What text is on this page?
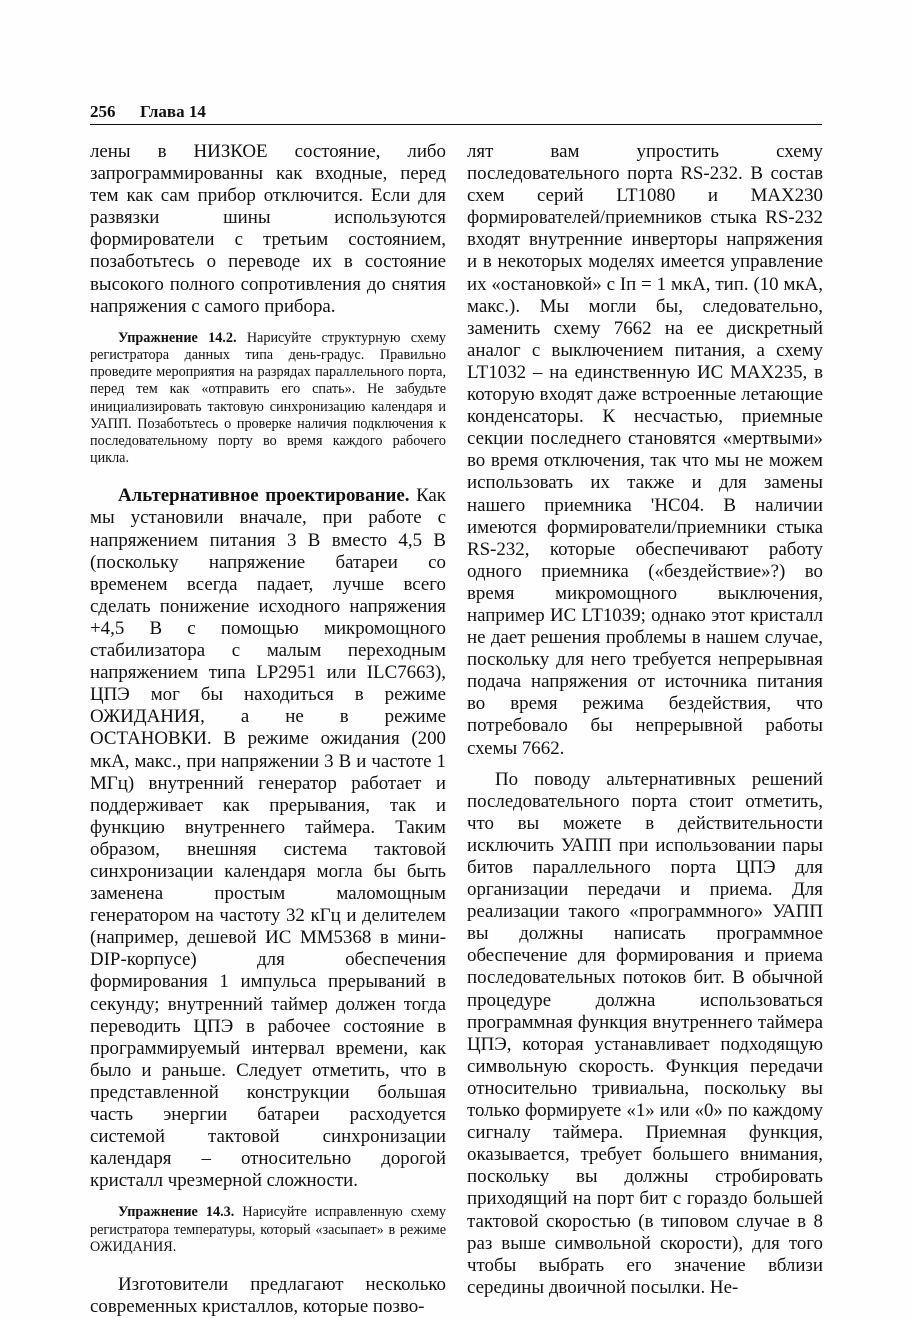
256 Глава 14

лены в НИЗКОЕ состояние, либо запрограммированны как входные, перед тем как сам прибор отключится. Если для развязки шины используются формирователи с третьим состоянием, позаботьтесь о переводе их в состояние высокого полного сопротивления до снятия напряжения с самого прибора.

Упражнение 14.2. Нарисуйте структурную схему регистратора данных типа день-градус. Правильно проведите мероприятия на разрядах параллельного порта, перед тем как «отправить его спать». Не забудьте инициализировать тактовую синхронизацию календаря и УАПП. Позаботьтесь о проверке наличия подключения к последовательному порту во время каждого рабочего цикла.

Альтернативное проектирование. Как мы установили вначале, при работе с напряжением питания 3 В вместо 4,5 В (поскольку напряжение батареи со временем всегда падает, лучше всего сделать понижение исходного напряжения +4,5 В с помощью микромощного стабилизатора с малым переходным напряжением типа LP2951 или ILC7663), ЦПЭ мог бы находиться в режиме ОЖИДАНИЯ, а не в режиме ОСТАНОВКИ. В режиме ожидания (200 мкА, макс., при напряжении 3 В и частоте 1 МГц) внутренний генератор работает и поддерживает как прерывания, так и функцию внутреннего таймера. Таким образом, внешняя система тактовой синхронизации календаря могла бы быть заменена простым маломощным генератором на частоту 32 кГц и делителем (например, дешевой ИС ММ5368 в мини-DIP-корпусе) для обеспечения формирования 1 импульса прерываний в секунду; внутренний таймер должен тогда переводить ЦПЭ в рабочее состояние в программируемый интервал времени, как было и раньше. Следует отметить, что в представленной конструкции большая часть энергии батареи расходуется системой тактовой синхронизации календаря – относительно дорогой кристалл чрезмерной сложности.

Упражнение 14.3. Нарисуйте исправленную схему регистратора температуры, который «засыпает» в режиме ОЖИДАНИЯ.

Изготовители предлагают несколько современных кристаллов, которые позво-

лят вам упростить схему последовательного порта RS-232. В состав схем серий LT1080 и MAX230 формирователей/приемников стыка RS-232 входят внутренние инверторы напряжения и в некоторых моделях имеется управление их «остановкой» с Iп = 1 мкА, тип. (10 мкА, макс.). Мы могли бы, следовательно, заменить схему 7662 на ее дискретный аналог с выключением питания, а схему LT1032 – на единственную ИС MAX235, в которую входят даже встроенные летающие конденсаторы. К несчастью, приемные секции последнего становятся «мертвыми» во время отключения, так что мы не можем использовать их также и для замены нашего приемника 'HC04. В наличии имеются формирователи/приемники стыка RS-232, которые обеспечивают работу одного приемника («бездействие»?) во время микромощного выключения, например ИС LT1039; однако этот кристалл не дает решения проблемы в нашем случае, поскольку для него требуется непрерывная подача напряжения от источника питания во время режима бездействия, что потребовало бы непрерывной работы схемы 7662.

По поводу альтернативных решений последовательного порта стоит отметить, что вы можете в действительности исключить УАПП при использовании пары битов параллельного порта ЦПЭ для организации передачи и приема. Для реализации такого «программного» УАПП вы должны написать программное обеспечение для формирования и приема последовательных потоков бит. В обычной процедуре должна использоваться программная функция внутреннего таймера ЦПЭ, которая устанавливает подходящую символьную скорость. Функция передачи относительно тривиальна, поскольку вы только формируете «1» или «0» по каждому сигналу таймера. Приемная функция, оказывается, требует большего внимания, поскольку вы должны стробировать приходящий на порт бит с гораздо большей тактовой скоростью (в типовом случае в 8 раз выше символьной скорости), для того чтобы выбрать его значение вблизи середины двоичной посылки. Не-
